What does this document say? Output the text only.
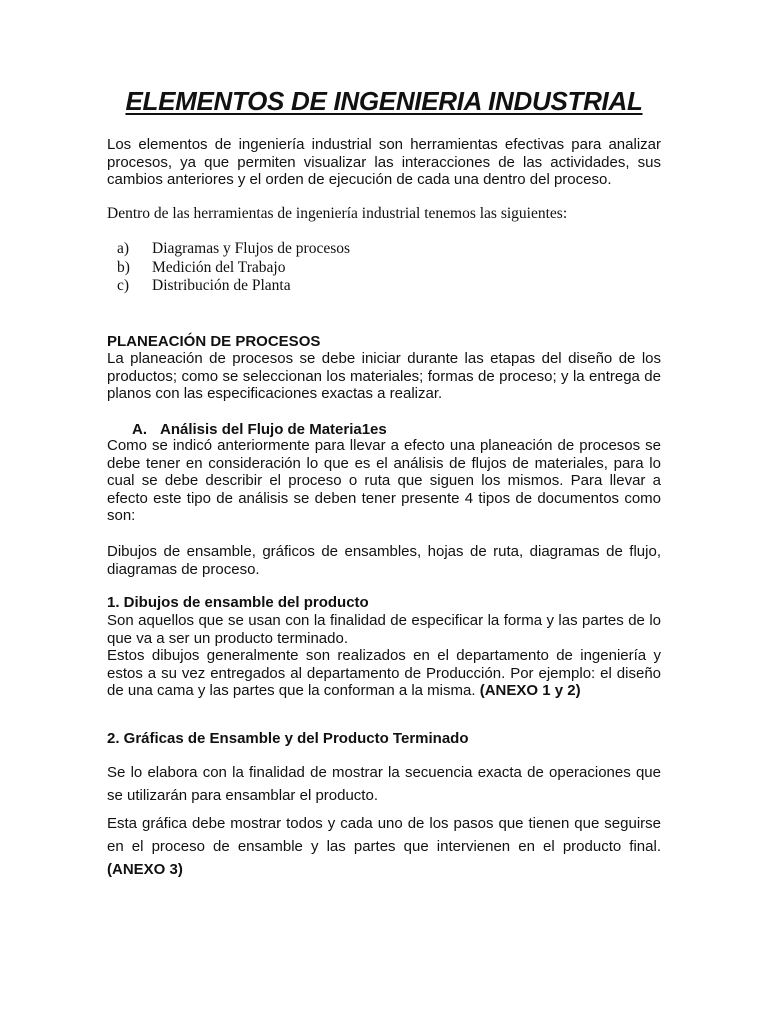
ELEMENTOS DE INGENIERIA INDUSTRIAL

Los elementos de ingeniería industrial son herramientas efectivas para analizar procesos, ya que permiten visualizar las interacciones de las actividades, sus cambios anteriores y el orden de ejecución de cada una dentro del proceso.

Dentro de las herramientas de ingeniería industrial tenemos las siguientes:

a)	Diagramas y Flujos de procesos
b)	Medición del Trabajo
c)	Distribución de Planta
PLANEACIÓN DE PROCESOS

La planeación de procesos se debe iniciar durante las etapas del diseño de los productos; como se seleccionan los materiales; formas de proceso; y la entrega de planos con las especificaciones exactas a realizar.

A. Análisis del Flujo de Materia1es

Como se indicó anteriormente para llevar a efecto una planeación de procesos se debe tener en consideración lo que es el análisis de flujos de materiales, para lo cual se debe describir el proceso o ruta que siguen los mismos. Para llevar a efecto este tipo de análisis se deben tener presente 4 tipos de documentos como son:

Dibujos de ensamble, gráficos de ensambles, hojas de ruta, diagramas de flujo, diagramas de proceso.

1. Dibujos de ensamble del producto

Son aquellos que se usan con la finalidad de especificar la forma y las partes de lo que va a ser un producto terminado.

Estos dibujos generalmente son realizados en el departamento de ingeniería y estos a su vez entregados al departamento de Producción. Por ejemplo: el diseño de una cama y las partes que la conforman a la misma. (ANEXO 1 y 2)

2. Gráficas de Ensamble y del Producto Terminado

Se lo elabora con la finalidad de mostrar la secuencia exacta de operaciones que se utilizarán para ensamblar el producto.

Esta gráfica debe mostrar todos y cada uno de los pasos que tienen que seguirse en el proceso de ensamble y las partes que intervienen en el producto final. (ANEXO 3)
